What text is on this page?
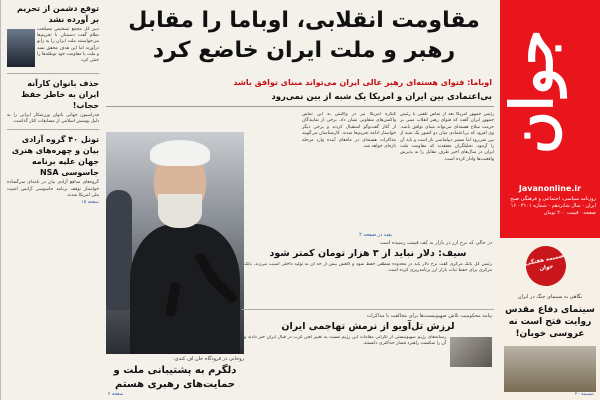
جوان
Javanonline.ir
روزنامه سیاسی، اجتماعی و فرهنگی صبح ایران · سال شانزدهم · شماره ۳۱۰۱ · ۱۶ صفحه · قیمت ۲۰۰ تومان
توقع دشمن از تحریم بر آورده نشد
دبیر کل مجمع تشخیص مصلحت نظام گفت دشمنان با تحریم‌ها می‌خواستند ملت ایران را به زانو درآورند اما این هدف محقق نشد و ملت با مقاومت خود توطئه‌ها را خنثی کرد.
حذف بانوان کارآنه ایران به خاطر حفظ حجاب!
فدراسیون جهانی بانوان ورزشکار ایرانی را به دلیل پوشش اسلامی از مسابقات کنار گذاشت.
تونل ۴۰ گروه آزادی بیان و چهره‌های هنری جهان علیه برنامه جاسوسی NSA
گروه‌های مدافع آزادی بیان در نامه‌ای سرگشاده خواستار توقف برنامه جاسوسی آژانس امنیت ملی امریکا شدند.
صفحه ۱۵
مقاومت انقلابی، اوباما را مقابل رهبر و ملت ایران خاضع کرد
اوباما: فتوای هسته‌ای رهبر عالی ایران می‌تواند مبنای توافق باشد
بی‌اعتمادی بین ایران و امریکا یک شبه از بین نمی‌رود
رئیس جمهور امریکا بعد از تماس تلفنی با رئیس جمهور ایران گفت که فتوای رهبر انقلاب مبنی بر حرمت سلاح هسته‌ای می‌تواند مبنای توافق باشد. وی افزود که بی‌اعتمادی میان دو کشور یک شبه از بین نمی‌رود اما مسیر دیپلماسی باز است و باید آن را آزمود. تحلیلگران معتقدند که مقاومت ملت ایران در سال‌های اخیر طرف مقابل را به پذیرش واقعیت‌ها وادار کرده است.
کنگره امریکا نیز در واکنش به این تماس واکنش‌های متفاوتی نشان داد. برخی از نمایندگان از آغاز گفت‌وگو استقبال کردند و برخی دیگر خواستار ادامه تحریم‌ها شدند. کارشناسان می‌گویند مذاکرات هسته‌ای در ماه‌های آینده وارد مرحله تازه‌ای خواهد شد.
بقیه در صفحه ۲
روحانی در فرودگاه جان اف کندی:
دلگرم به پشتیبانی ملت و حمایت‌های رهبری هستم
صفحه ۲
در حالی که نرخ ارز در بازار به کف قیمت رسیده است
سیف: دلار نباید از ۳ هزار تومان کمتر شود
رئیس کل بانک مرکزی گفت نرخ دلار باید در محدوده منطقی حفظ شود و کاهش بیش از حد آن به تولید داخلی آسیب می‌زند. بانک مرکزی برای حفظ ثبات بازار ارز برنامه‌ریزی کرده است.
پیامد محکومیت تلاش صهیونیست‌ها برای مخالفت با مذاکرات
لرزش تل‌آویو از نرمش تهاجمی ایران
رسانه‌های رژیم صهیونیستی از نگرانی مقامات این رژیم نسبت به تغییر لحن غرب در قبال ایران خبر دادند و آن را شکست راهبرد فشار حداکثری دانستند.
ضمیمه هفتگی جوان
نگاهی به سینمای جنگ در ایران
سینمای دفاع مقدس روایت فتح است نه عروسی خوبان!
ضمیمه ۲۰
